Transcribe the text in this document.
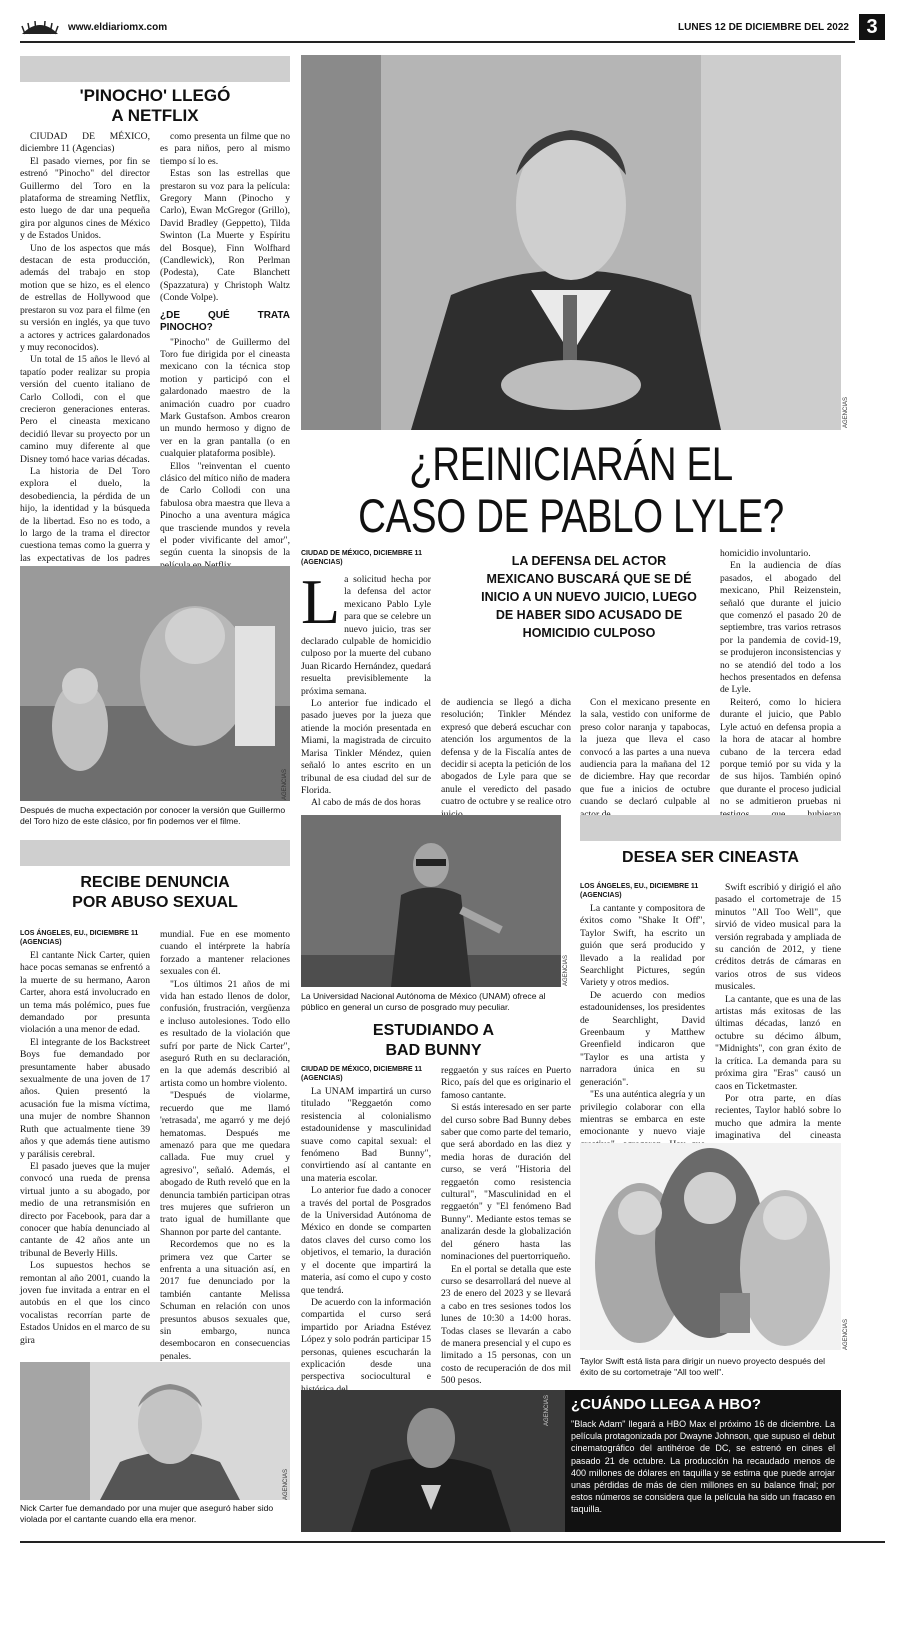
www.eldiariomx.com	LUNES 12 DE DICIEMBRE DEL 2022 3
'PINOCHO' LLEGÓ
A NETFLIX

CIUDAD DE MÉXICO, diciembre 11 (Agencias)

El pasado viernes, por fin se estrenó "Pinocho" del director Guillermo del Toro en la plataforma de streaming Netflix, esto luego de dar una pequeña gira por algunos cines de México y de Estados Unidos.

Uno de los aspectos que más destacan de esta producción, además del trabajo en stop motion que se hizo, es el elenco de estrellas de Hollywood que prestaron su voz para el filme (en su versión en inglés, ya que tuvo a actores y actrices galardonados y muy reconocidos).

Un total de 15 años le llevó al tapatío poder realizar su propia versión del cuento italiano de Carlo Collodi, con el que crecieron generaciones enteras. Pero el cineasta mexicano decidió llevar su proyecto por un camino muy diferente al que Disney tomó hace varias décadas.

La historia de Del Toro explora el duelo, la desobediencia, la pérdida de un hijo, la identidad y la búsqueda de la libertad. Eso no es todo, a lo largo de la trama el director cuestiona temas como la guerra y las expectativas de los padres

como presenta un filme que no es para niños, pero al mismo tiempo sí lo es.

Estas son las estrellas que prestaron su voz para la película: Gregory Mann (Pinocho y Carlo), Ewan McGregor (Grillo), David Bradley (Geppetto), Tilda Swinton (La Muerte y Espíritu del Bosque), Finn Wolfhard (Candlewick), Ron Perlman (Podesta), Cate Blanchett (Spazzatura) y Christoph Waltz (Conde Volpe).

¿DE QUÉ TRATA PINOCHO?

"Pinocho" de Guillermo del Toro fue dirigida por el cineasta mexicano con la técnica stop motion y participó con el galardonado maestro de la animación cuadro por cuadro Mark Gustafson. Ambos crearon un mundo hermoso y digno de ver en la gran pantalla (o en cualquier plataforma posible).

Ellos "reinventan el cuento clásico del mítico niño de madera de Carlo Collodi con una fabulosa obra maestra que lleva a Pinocho a una aventura mágica que trasciende mundos y revela el poder vivificante del amor", según cuenta la sinopsis de la

AGENCIAS
Después de mucha expectación por conocer la versión que Guillermo del Toro hizo de este clásico, por fin podemos ver el filme.
AGENCIAS
¿REINICIARÁN EL
CASO DE PABLO LYLE?
CIUDAD DE MÉXICO, DICIEMBRE 11
(AGENCIAS)	LA DEFENSA DEL ACTOR MEXICANO BUSCARÁ QUE SE DÉ INICIO A UN NUEVO JUICIO, LUEGO DE HABER SIDO ACUSADO DE HOMICIDIO CULPOSO
L a solicitud hecha por la defensa del actor mexicano Pablo Lyle para que se celebre un nuevo juicio, tras ser declarado culpable de homicidio culposo por la muerte del cubano Juan Ricardo Hernández, quedará resuelta previsiblemente la próxima semana.

Lo anterior fue indicado el pasado jueves por la jueza que atiende la moción presentada en Miami, la magistrada de circuito Marisa Tinkler Méndez, quien señaló lo antes escrito en un tribunal de esa ciudad del sur de Florida.

Al cabo de más de dos horas

de audiencia se llegó a dicha resolución; Tinkler Méndez expresó que deberá escuchar con atención los argumentos de la defensa y de la Fiscalía antes de decidir si acepta la petición de los abogados de Lyle para que se anule el veredicto del pasado cuatro de octubre y se realice otro

Con el mexicano presente en la sala, vestido con uniforme de preso color naranja y tapabocas, la jueza que lleva el caso convocó a las partes a una nueva audiencia para la mañana del 12 de diciembre. Hay que recordar que fue a inicios de octubre cuando se declaró culpable al

homicidio involuntario.

En la audiencia de días pasados, el abogado del mexicano, Phil Reizenstein, señaló que durante el juicio que comenzó el pasado 20 de septiembre, tras varios retrasos por la pandemia de covid-19, se produjeron inconsistencias y no se atendió del todo a los hechos presentados en defensa de Lyle.

Reiteró, como lo hiciera durante el juicio, que Pablo Lyle actuó en defensa propia a la hora de atacar al hombre cubano de la tercera edad porque temió por su vida y la de sus hijos. También opinó que durante el proceso judicial no se admitieron pruebas ni

RECIBE DENUNCIA
POR ABUSO SEXUAL
LOS ÁNGELES, EU., DICIEMBRE 11
(AGENCIAS)

El cantante Nick Carter, quien hace pocas semanas se enfrentó a la muerte de su hermano, Aaron Carter, ahora está involucrado en un tema más polémico, pues fue demandado por presunta violación a una menor de edad.

El integrante de los Backstreet Boys fue demandado por presuntamente haber abusado sexualmente de una joven de 17 años. Quien presentó la acusación fue la misma víctima, una mujer de nombre Shannon Ruth que actualmente tiene 39 años y que además tiene autismo y parálisis cerebral.

El pasado jueves que la mujer convocó una rueda de prensa virtual junto a su abogado, por medio de una retransmisión en directo por Facebook, para dar a conocer que había denunciado al cantante de 42 años ante un tribunal de Beverly Hills.

Los supuestos hechos se remontan al año 2001, cuando la joven fue invitada a entrar en el autobús en el que los cinco vocalistas recorrían parte de Estados Unidos en el marco de su gira

mundial. Fue en ese momento cuando el intérprete la habría forzado a mantener relaciones sexuales con él.

"Los últimos 21 años de mi vida han estado llenos de dolor, confusión, frustración, vergüenza e incluso autolesiones. Todo ello es resultado de la violación que sufrí por parte de Nick Carter", aseguró Ruth en su declaración, en la que además describió al artista como un hombre violento.

"Después de violarme, recuerdo que me llamó 'retrasada', me agarró y me dejó hematomas. Después me amenazó para que me quedara callada. Fue muy cruel y agresivo", señaló. Además, el abogado de Ruth reveló que en la denuncia también participan otras tres mujeres que sufrieron un trato igual de humillante que Shannon por parte del cantante.

Recordemos que no es la primera vez que Carter se enfrenta a una situación así, en 2017 fue denunciado por la también cantante Melissa Schuman en relación con unos presuntos abusos sexuales que, sin embargo, nunca desembocaron en consecuencias penales.

AGENCIAS
Nick Carter fue demandado por una mujer que aseguró haber sido violada por el cantante cuando ella era menor.
AGENCIAS
La Universidad Nacional Autónoma de México (UNAM) ofrece al público en general un curso de posgrado muy peculiar.
ESTUDIANDO A
BAD BUNNY
CIUDAD DE MÉXICO, DICIEMBRE 11
(AGENCIAS)

La UNAM impartirá un curso titulado "Reggaetón como resistencia al colonialismo estadounidense y masculinidad suave como capital sexual: el fenómeno Bad Bunny", convirtiendo así al cantante en una materia escolar.

Lo anterior fue dado a conocer a través del portal de Posgrados de la Universidad Autónoma de México en donde se comparten datos claves del curso como los objetivos, el temario, la duración y el docente que impartirá la materia, así como el cupo y costo que tendrá.

De acuerdo con la información compartida el curso será impartido por Ariadna Estévez López y solo podrán participar 15 personas, quienes escucharán la explicación desde una perspectiva sociocultural e

reggaetón y sus raíces en Puerto Rico, país del que es originario el famoso cantante.

Si estás interesado en ser parte del curso sobre Bad Bunny debes saber que como parte del temario, que será abordado en las diez y media horas de duración del curso, se verá "Historia del reggaetón como resistencia cultural", "Masculinidad en el reggaetón" y "El fenómeno Bad Bunny". Mediante estos temas se analizarán desde la globalización del género hasta las nominaciones del puertorriqueño.

En el portal se detalla que este curso se desarrollará del nueve al 23 de enero del 2023 y se llevará a cabo en tres sesiones todos los lunes de 10:30 a 14:00 horas. Todas clases se llevarán a cabo de manera presencial y el cupo es limitado a 15 personas, con un costo de recuperación de dos mil 500 pesos.

DESEA SER CINEASTA
LOS ÁNGELES, EU., DICIEMBRE 11
(AGENCIAS)

La cantante y compositora de éxitos como "Shake It Off", Taylor Swift, ha escrito un guión que será producido y llevado a la realidad por Searchlight Pictures, según Variety y otros medios.

De acuerdo con medios estadounidenses, los presidentes de Searchlight, David Greenbaum y Matthew Greenfield indicaron que "Taylor es una artista y narradora única en su generación".

"Es una auténtica alegría y un privilegio colaborar con ella mientras se embarca en este emocionante y nuevo viaje

Swift escribió y dirigió el año pasado el cortometraje de 15 minutos "All Too Well", que sirvió de video musical para la versión regrabada y ampliada de su canción de 2012, y tiene créditos detrás de cámaras en varios otros de sus videos musicales.

La cantante, que es una de las artistas más exitosas de las últimas décadas, lanzó en octubre su décimo álbum, "Midnights", con gran éxito de la crítica. La demanda para su próxima gira "Eras" causó un caos en Ticketmaster.

Por otra parte, en días recientes, Taylor habló sobre lo mucho que admira la mente imaginativa del cineasta

AGENCIAS
Taylor Swift está lista para dirigir un nuevo proyecto después del éxito de su cortometraje "All too well".
AGENCIAS ¿CUÁNDO LLEGA A HBO?
"Black Adam" llegará a HBO Max el próximo 16 de diciembre. La película protagonizada por Dwayne Johnson, que supuso el debut cinematográfico del antihéroe de DC, se estrenó en cines el pasado 21 de octubre. La producción ha recaudado menos de 400 millones de dólares en taquilla y se estima que puede arrojar unas pérdidas de más de cien millones en su balance final; por estos números se considera que la película ha sido un fracaso en taquilla.
